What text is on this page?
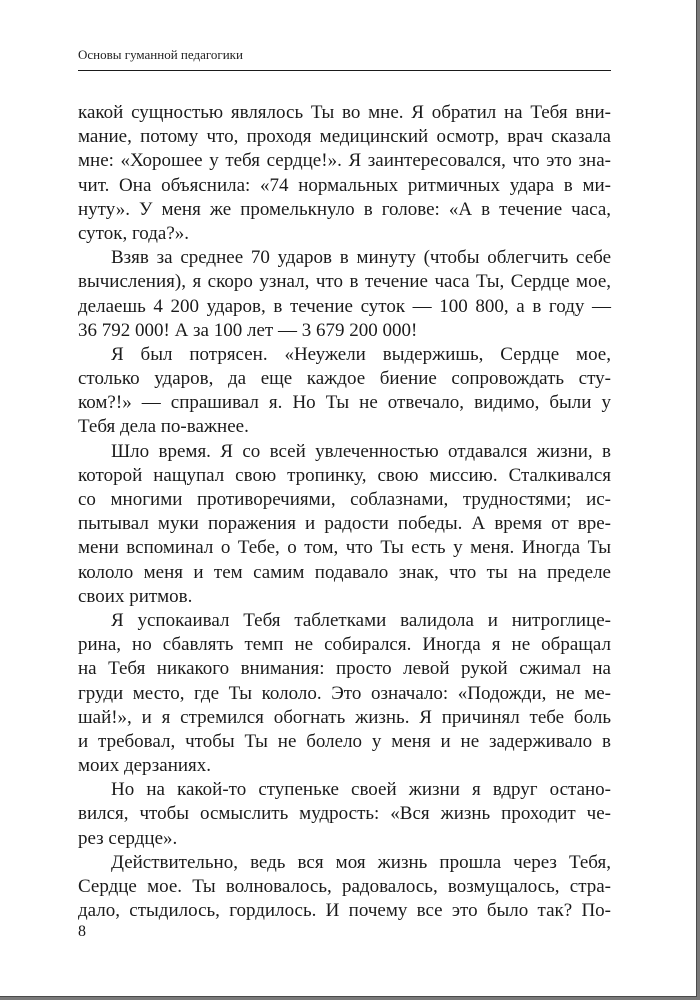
Основы гуманной педагогики
какой сущностью являлось Ты во мне. Я обратил на Тебя вни-
мание, потому что, проходя медицинский осмотр, врач сказала
мне: «Хорошее у тебя сердце!». Я заинтересовался, что это зна-
чит. Она объяснила: «74 нормальных ритмичных удара в ми-
нуту». У меня же промелькнуло в голове: «А в течение часа,
суток, года?».
Взяв за среднее 70 ударов в минуту (чтобы облегчить себе
вычисления), я скоро узнал, что в течение часа Ты, Сердце мое,
делаешь 4 200 ударов, в течение суток — 100 800, а в году —
36 792 000! А за 100 лет — 3 679 200 000!
Я был потрясен. «Неужели выдержишь, Сердце мое,
столько ударов, да еще каждое биение сопровождать сту-
ком?!» — спрашивал я. Но Ты не отвечало, видимо, были у
Тебя дела по-важнее.
Шло время. Я со всей увлеченностью отдавался жизни, в
которой нащупал свою тропинку, свою миссию. Сталкивался
со многими противоречиями, соблазнами, трудностями; ис-
пытывал муки поражения и радости победы. А время от вре-
мени вспоминал о Тебе, о том, что Ты есть у меня. Иногда Ты
кололо меня и тем самим подавало знак, что ты на пределе
своих ритмов.
Я успокаивал Тебя таблетками валидола и нитроглице-
рина, но сбавлять темп не собирался. Иногда я не обращал
на Тебя никакого внимания: просто левой рукой сжимал на
груди место, где Ты кололо. Это означало: «Подожди, не ме-
шай!», и я стремился обогнать жизнь. Я причинял тебе боль
и требовал, чтобы Ты не болело у меня и не задерживало в
моих дерзаниях.
Но на какой-то ступеньке своей жизни я вдруг остано-
вился, чтобы осмыслить мудрость: «Вся жизнь проходит че-
рез сердце».
Действительно, ведь вся моя жизнь прошла через Тебя,
Сердце мое. Ты волновалось, радовалось, возмущалось, стра-
дало, стыдилось, гордилось. И почему все это было так? По-
8
